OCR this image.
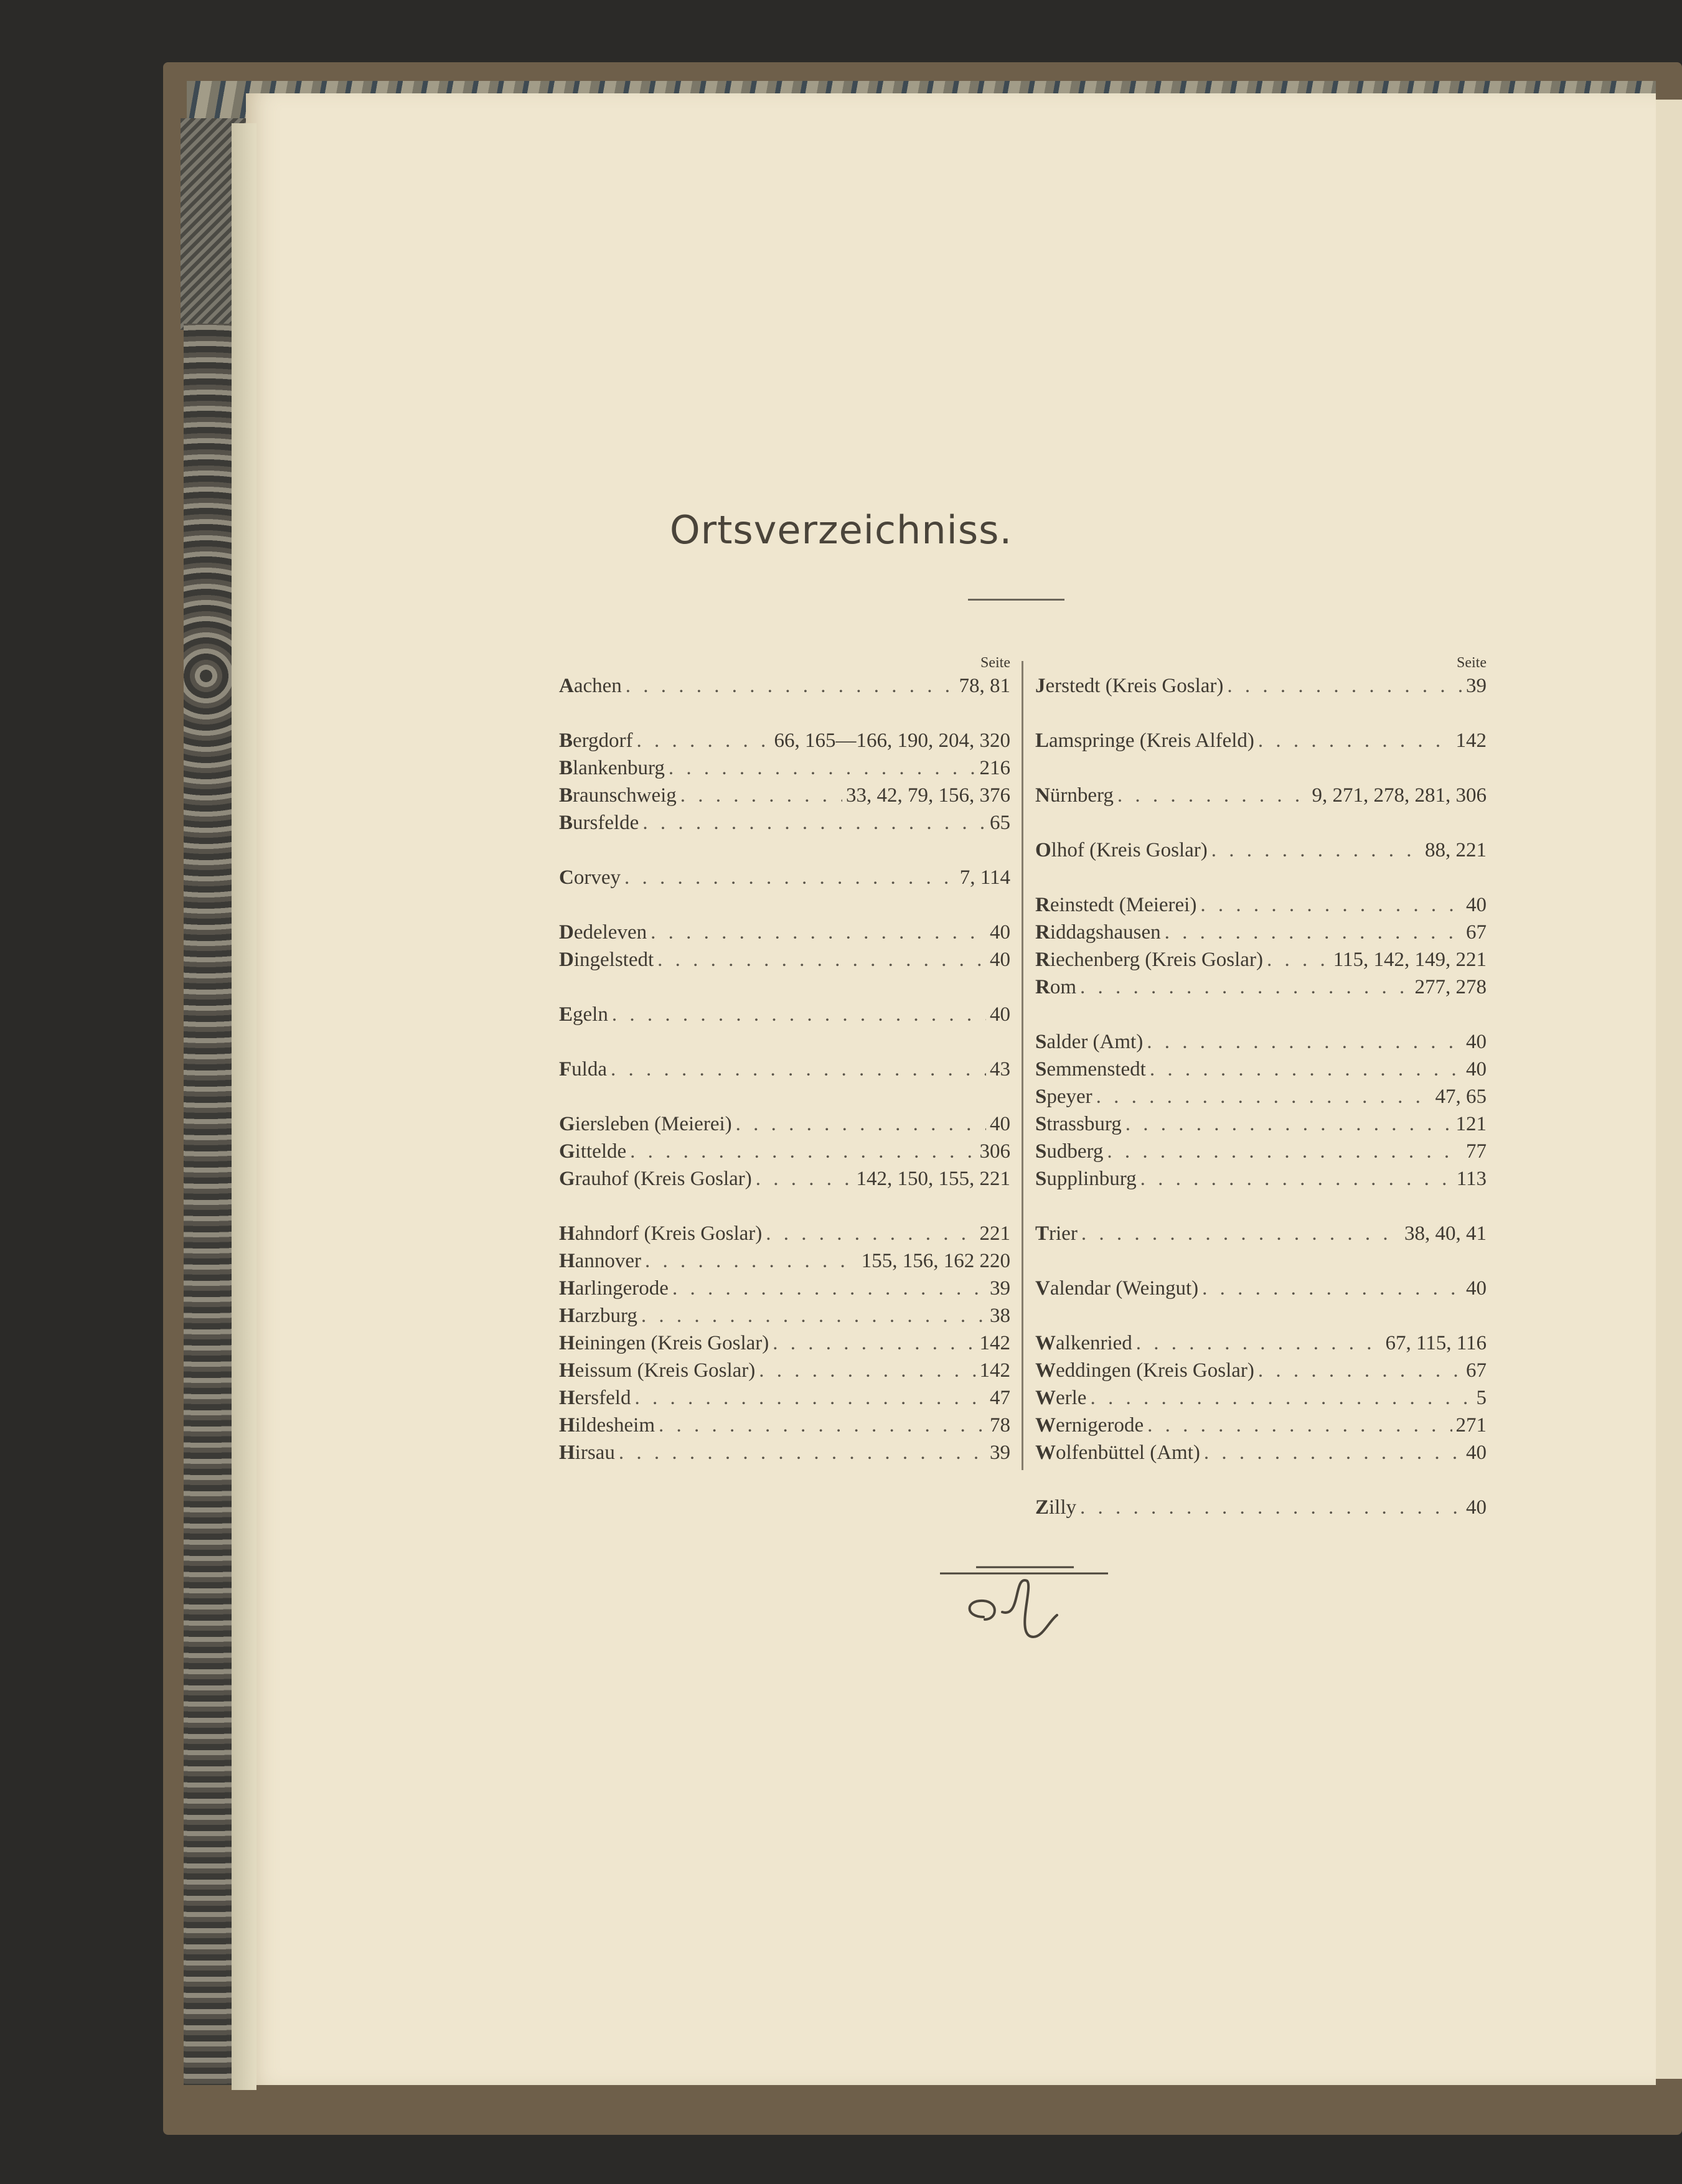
Ortsverzeichniss.
Seite
Aachen . . .	78, 81
Bergdorf . . .	66, 165—166, 190, 204, 320
Blankenburg . . .	216
Braunschweig . . .	33, 42, 79, 156, 376
Bursfelde . . .	65
Corvey . . .	7, 114
Dedeleven . . .	40
Dingelstedt . . .	40
Egeln . . .	40
Fulda . . .	43
Giersleben (Meierei) . . .	40
Gittelde . . .	306
Grauhof (Kreis Goslar) . . .	142, 150, 155, 221
Hahndorf (Kreis Goslar) . . .	221
Hannover . . .	155, 156, 162 220
Harlingerode . . .	39
Harzburg . . .	38
Heiningen (Kreis Goslar) . . .	142
Heissum (Kreis Goslar) . . .	142
Hersfeld . . .	47
Hildesheim . . .	78
Hirsau . . .	39
Seite
Jerstedt (Kreis Goslar) . . .	39
Lamspringe (Kreis Alfeld) . . .	142
Nürnberg . . .	9, 271, 278, 281, 306
Olhof (Kreis Goslar) . . .	88, 221
Reinstedt (Meierei) . . .	40
Riddagshausen . . .	67
Riechenberg (Kreis Goslar) . . .	115, 142, 149, 221
Rom . . .	277, 278
Salder (Amt) . . .	40
Semmenstedt . . .	40
Speyer . . .	47, 65
Strassburg . . .	121
Sudberg . . .	77
Supplinburg . . .	113
Trier . . .	38, 40, 41
Valendar (Weingut) . . .	40
Walkenried . . .	67, 115, 116
Weddingen (Kreis Goslar) . . .	67
Werle . . .	5
Wernigerode . . .	271
Wolfenbüttel (Amt) . . .	40
Zilly . . .	40
